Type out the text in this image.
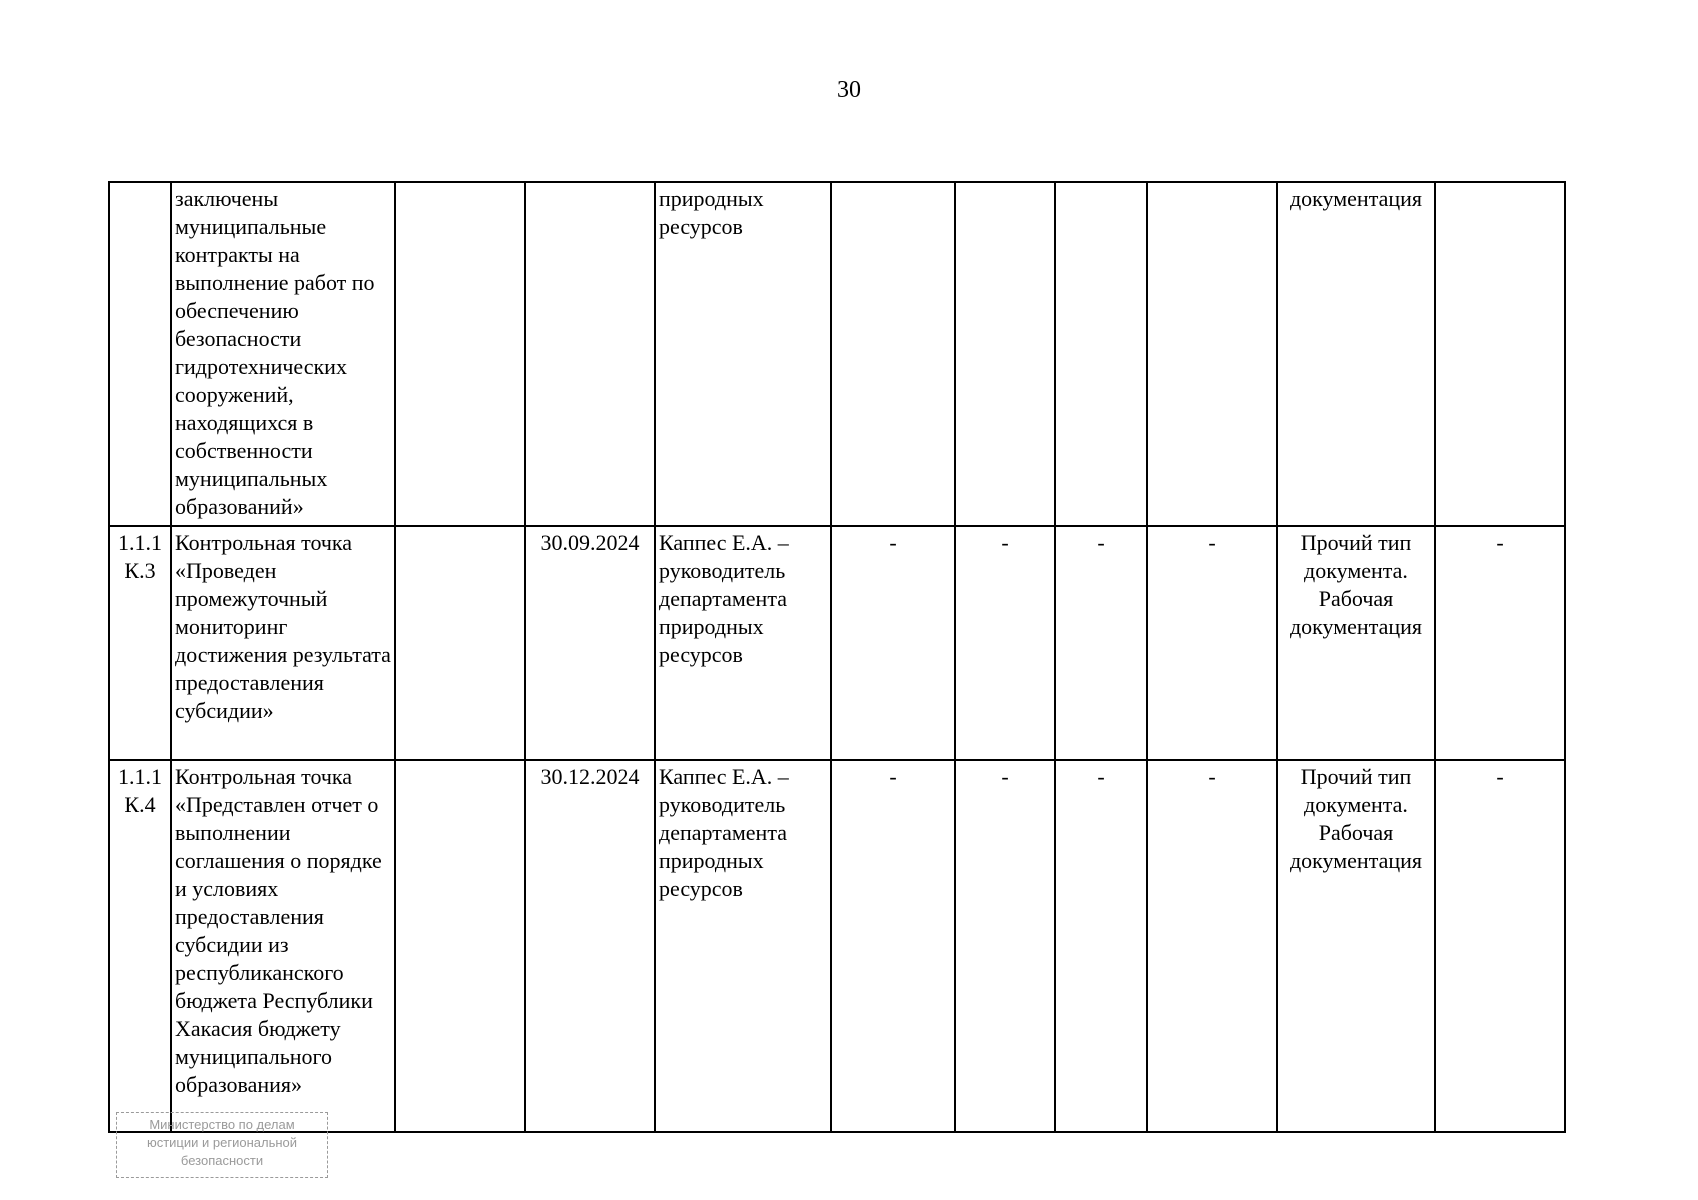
30
	заключены муниципальные контракты на выполнение работ по обеспечению безопасности гидротехнических сооружений, находящихся в собственности муниципальных образований»			природных ресурсов					документация	
1.1.1 К.3	Контрольная точка «Проведен промежуточный мониторинг достижения результата предоставления субсидии»		30.09.2024	Каппес Е.А. – руководитель департамента природных ресурсов	-	-	-	-	Прочий тип документа. Рабочая документация	-
1.1.1 К.4	Контрольная точка «Представлен отчет о выполнении соглашения о порядке и условиях предоставления субсидии из республиканского бюджета Республики Хакасия бюджету муниципального образования»		30.12.2024	Каппес Е.А. – руководитель департамента природных ресурсов	-	-	-	-	Прочий тип документа. Рабочая документация	-
Министерство по делам
юстиции и региональной
безопасности
